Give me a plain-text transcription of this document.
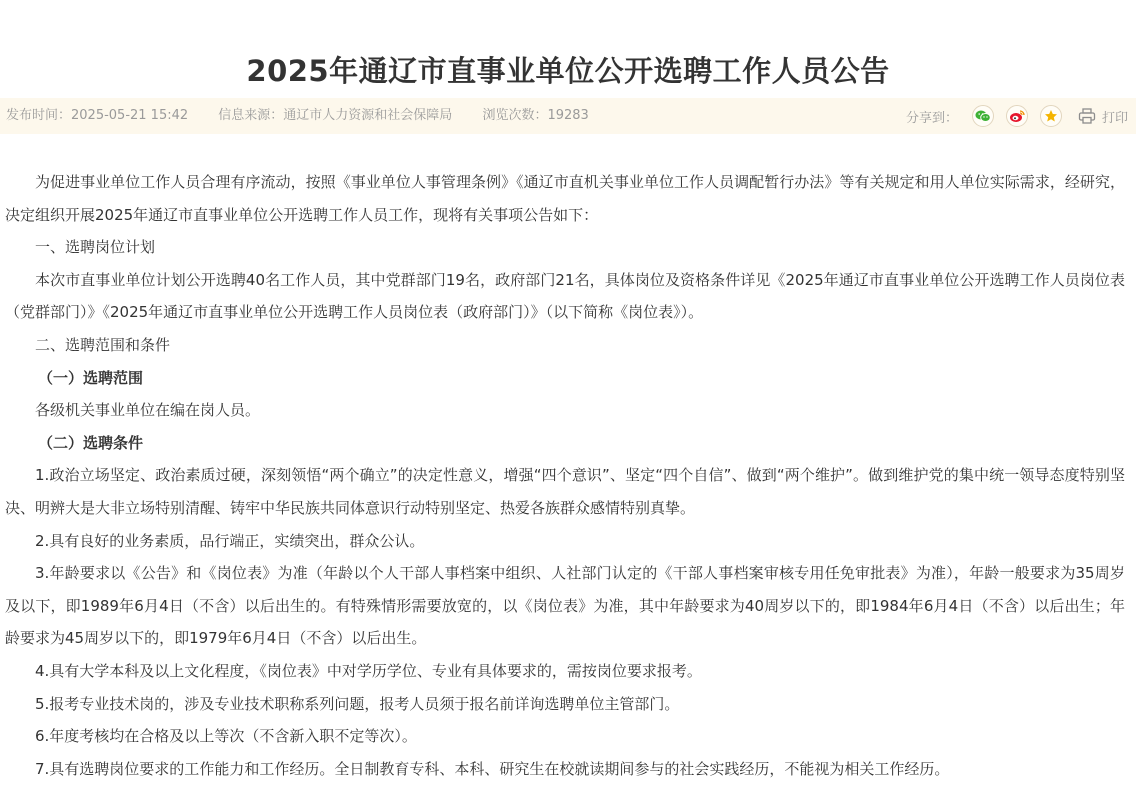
2025年通辽市直事业单位公开选聘工作人员公告
发布时间：2025-05-21 15:42 信息来源：通辽市人力资源和社会保障局 浏览次数：19283	分享到：	打印

为促进事业单位工作人员合理有序流动，按照《事业单位人事管理条例》《通辽市直机关事业单位工作人员调配暂行办法》等有关规定和用人单位实际需求，经研究，决定组织开展2025年通辽市直事业单位公开选聘工作人员工作，现将有关事项公告如下：

一、选聘岗位计划

本次市直事业单位计划公开选聘40名工作人员，其中党群部门19名，政府部门21名，具体岗位及资格条件详见《2025年通辽市直事业单位公开选聘工作人员岗位表（党群部门）》《2025年通辽市直事业单位公开选聘工作人员岗位表（政府部门）》（以下简称《岗位表》）。

二、选聘范围和条件

（一）选聘范围

各级机关事业单位在编在岗人员。

（二）选聘条件

1.政治立场坚定、政治素质过硬，深刻领悟“两个确立”的决定性意义，增强“四个意识”、坚定“四个自信”、做到“两个维护”。做到维护党的集中统一领导态度特别坚决、明辨大是大非立场特别清醒、铸牢中华民族共同体意识行动特别坚定、热爱各族群众感情特别真挚。

2.具有良好的业务素质，品行端正，实绩突出，群众公认。

3.年龄要求以《公告》和《岗位表》为准（年龄以个人干部人事档案中组织、人社部门认定的《干部人事档案审核专用任免审批表》为准），年龄一般要求为35周岁及以下，即1989年6月4日（不含）以后出生的。有特殊情形需要放宽的，以《岗位表》为准，其中年龄要求为40周岁以下的，即1984年6月4日（不含）以后出生；年龄要求为45周岁以下的，即1979年6月4日（不含）以后出生。

4.具有大学本科及以上文化程度，《岗位表》中对学历学位、专业有具体要求的，需按岗位要求报考。

5.报考专业技术岗的，涉及专业技术职称系列问题，报考人员须于报名前详询选聘单位主管部门。

6.年度考核均在合格及以上等次（不含新入职不定等次）。

7.具有选聘岗位要求的工作能力和工作经历。全日制教育专科、本科、研究生在校就读期间参与的社会实践经历，不能视为相关工作经历。
